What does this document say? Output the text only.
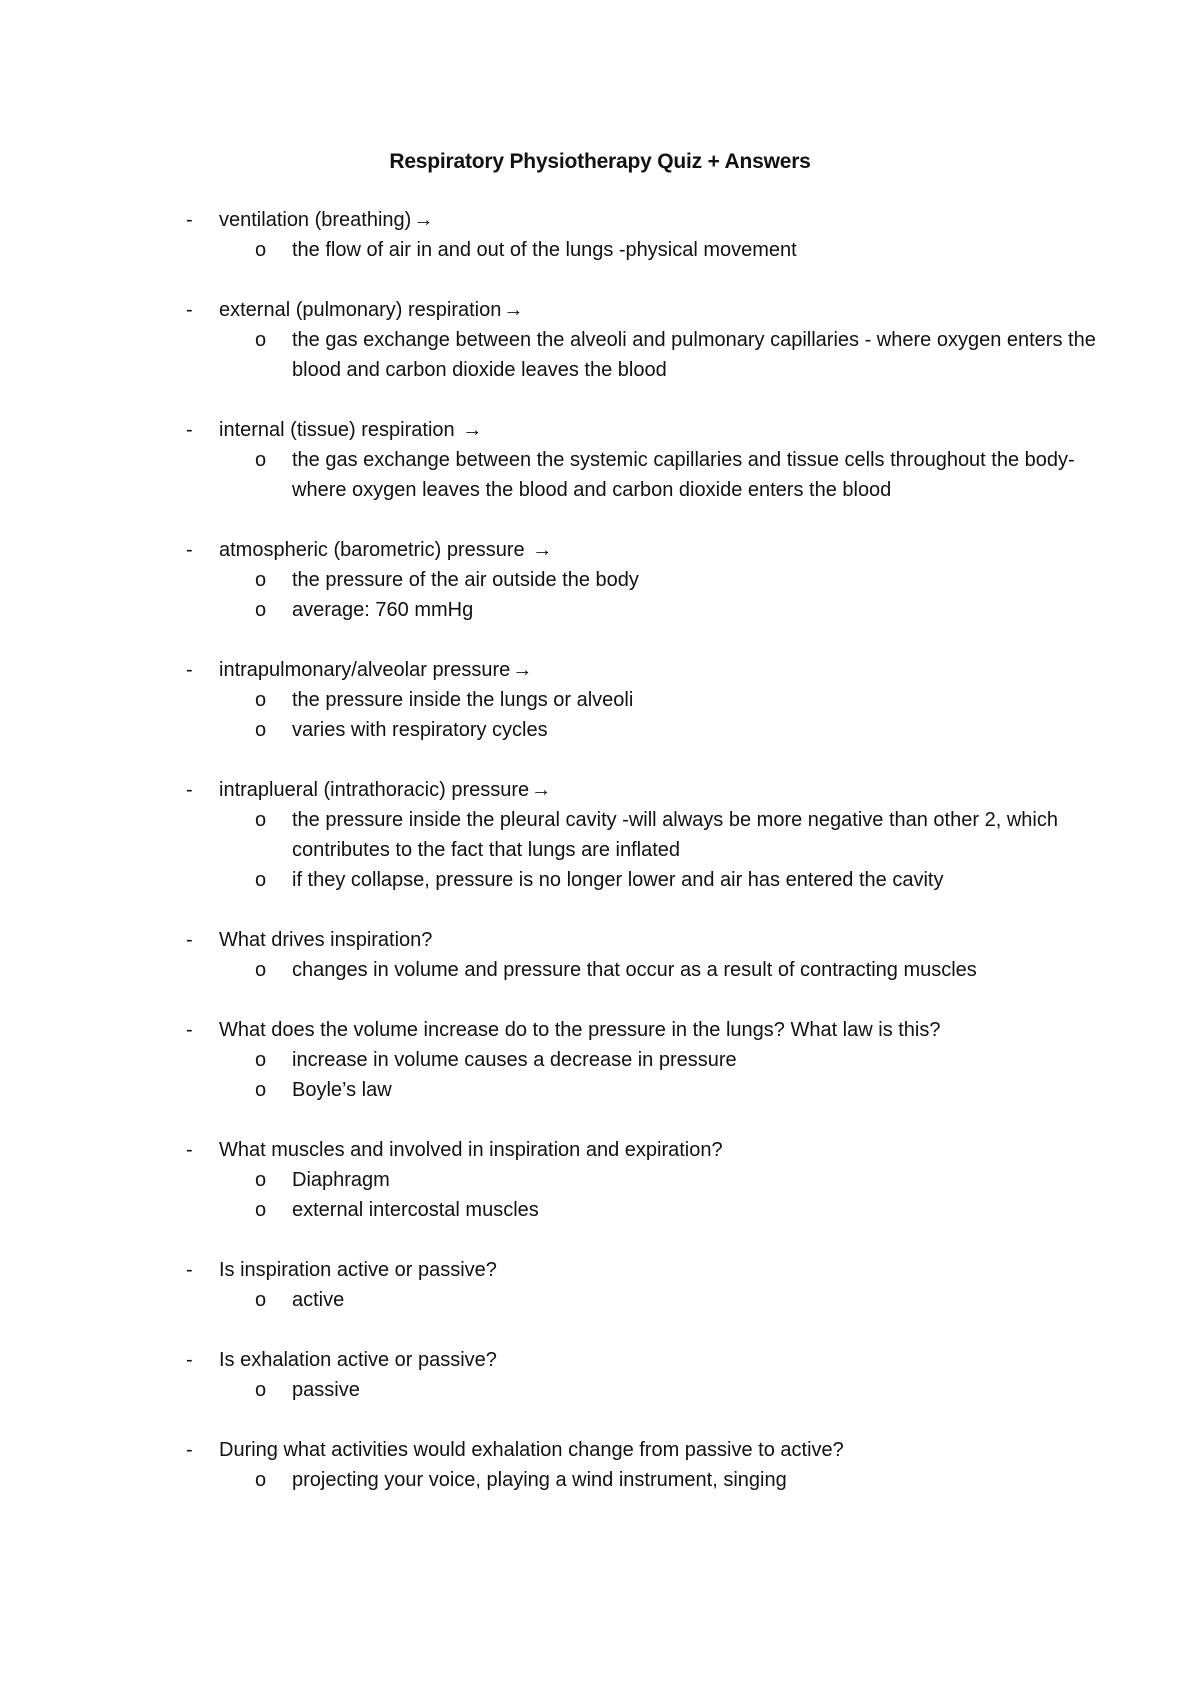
Respiratory Physiotherapy Quiz + Answers
- ventilation (breathing) →
o the flow of air in and out of the lungs -physical movement
- external (pulmonary) respiration →
o the gas exchange between the alveoli and pulmonary capillaries - where oxygen enters the blood and carbon dioxide leaves the blood
- internal (tissue) respiration →
o the gas exchange between the systemic capillaries and tissue cells throughout the body-where oxygen leaves the blood and carbon dioxide enters the blood
- atmospheric (barometric) pressure →
o the pressure of the air outside the body
o average: 760 mmHg
- intrapulmonary/alveolar pressure →
o the pressure inside the lungs or alveoli
o varies with respiratory cycles
- intraplueral (intrathoracic) pressure →
o the pressure inside the pleural cavity -will always be more negative than other 2, which contributes to the fact that lungs are inflated
o if they collapse, pressure is no longer lower and air has entered the cavity
- What drives inspiration?
o changes in volume and pressure that occur as a result of contracting muscles
- What does the volume increase do to the pressure in the lungs? What law is this?
o increase in volume causes a decrease in pressure
o Boyle’s law
- What muscles and involved in inspiration and expiration?
o Diaphragm
o external intercostal muscles
- Is inspiration active or passive?
o active
- Is exhalation active or passive?
o passive
- During what activities would exhalation change from passive to active?
o projecting your voice, playing a wind instrument, singing
